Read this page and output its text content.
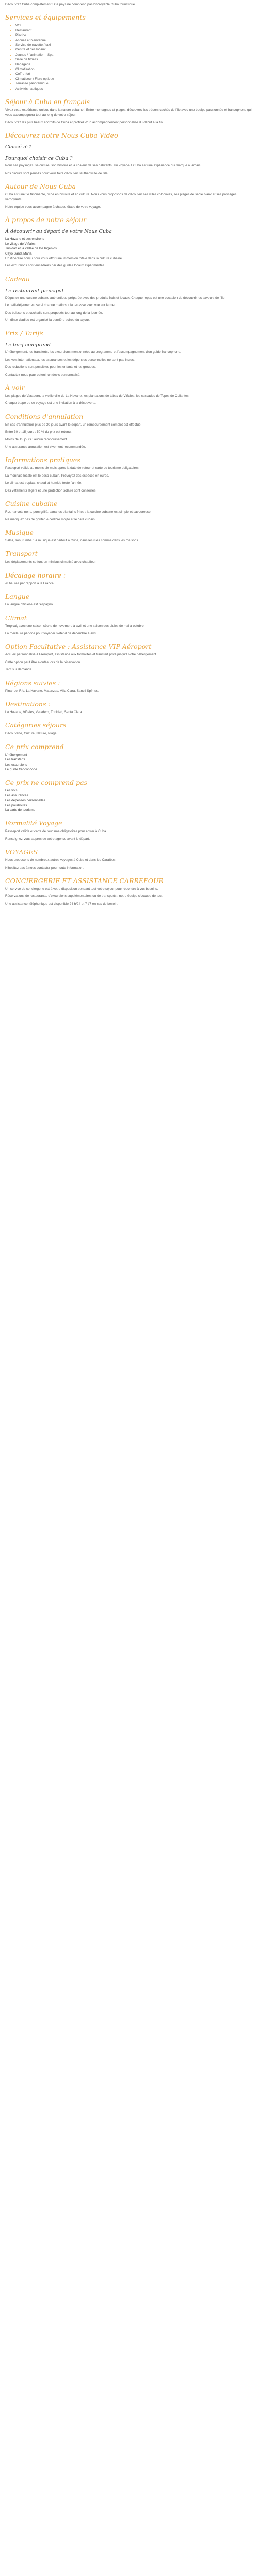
Découvrez Cuba complètement ! Ce pays ne comprend pas l'incroyable Cuba touristique

Services et équipements
• Wifi
• Restaurant
• Piscine
• Accueil et bienvenue
• Service de navette / taxi
• Centre et des locaux
• Jeunes / l'animation - Spa
• Salle de fitness
• Bagagerie
• Climatisation
• Coffre-fort
• Climatiseur / Fibre optique
• Terrasse panoramique
• Activités nautiques
Séjour à Cuba en français

Vivez cette expérience unique dans la nature cubaine ! Entre montagnes et plages, découvrez les trésors cachés de l'île avec une équipe passionnée et francophone qui vous accompagnera tout au long de votre séjour.

Découvrez les plus beaux endroits de Cuba et profitez d'un accompagnement personnalisé du début à la fin.

Découvrez notre Nous Cuba Video
Classé n°1
Pourquoi choisir ce Cuba ?

Pour ses paysages, sa culture, son histoire et la chaleur de ses habitants. Un voyage à Cuba est une expérience qui marque à jamais.

Nos circuits sont pensés pour vous faire découvrir l'authenticité de l'île.

Autour de Nous Cuba

Cuba est une île fascinante, riche en histoire et en culture. Nous vous proposons de découvrir ses villes coloniales, ses plages de sable blanc et ses paysages verdoyants.

Notre équipe vous accompagne à chaque étape de votre voyage.

À propos de notre séjour
À découvrir au départ de votre Nous Cuba

La Havane et ses environs

Le village de Viñales

Trinidad et la vallée de los Ingenios

Cayo Santa María

Un itinéraire conçu pour vous offrir une immersion totale dans la culture cubaine.

Les excursions sont encadrées par des guides locaux expérimentés.

Cadeau
Le restaurant principal

Dégustez une cuisine cubaine authentique préparée avec des produits frais et locaux. Chaque repas est une occasion de découvrir les saveurs de l'île.

Le petit-déjeuner est servi chaque matin sur la terrasse avec vue sur la mer.

Des boissons et cocktails sont proposés tout au long de la journée.

Un dîner d'adieu est organisé la dernière soirée du séjour.

Prix / Tarifs
Le tarif comprend

L'hébergement, les transferts, les excursions mentionnées au programme et l'accompagnement d'un guide francophone.

Les vols internationaux, les assurances et les dépenses personnelles ne sont pas inclus.

Des réductions sont possibles pour les enfants et les groupes.

Contactez-nous pour obtenir un devis personnalisé.

À voir

Les plages de Varadero, la vieille ville de La Havane, les plantations de tabac de Viñales, les cascades de Topes de Collantes.

Chaque étape de ce voyage est une invitation à la découverte.

Conditions d'annulation

En cas d'annulation plus de 30 jours avant le départ, un remboursement complet est effectué.

Entre 30 et 15 jours : 50 % du prix est retenu.

Moins de 15 jours : aucun remboursement.

Une assurance annulation est vivement recommandée.

Informations pratiques

Passeport valide au moins six mois après la date de retour et carte de tourisme obligatoires.

La monnaie locale est le peso cubain. Prévoyez des espèces en euros.

Le climat est tropical, chaud et humide toute l'année.

Des vêtements légers et une protection solaire sont conseillés.

Cuisine cubaine

Riz, haricots noirs, porc grillé, bananes plantains frites : la cuisine cubaine est simple et savoureuse.

Ne manquez pas de goûter le célèbre mojito et le café cubain.

Musique

Salsa, son, rumba : la musique est partout à Cuba, dans les rues comme dans les maisons.

Transport

Les déplacements se font en minibus climatisé avec chauffeur.

Décalage horaire :

-6 heures par rapport à la France.

Langue

La langue officielle est l'espagnol.

Climat

Tropical, avec une saison sèche de novembre à avril et une saison des pluies de mai à octobre.

La meilleure période pour voyager s'étend de décembre à avril.

Option Facultative : Assistance VIP Aéroport

Accueil personnalisé à l'aéroport, assistance aux formalités et transfert privé jusqu'à votre hébergement.

Cette option peut être ajoutée lors de la réservation.

Tarif sur demande.

Régions suivies :

Pinar del Río, La Havane, Matanzas, Villa Clara, Sancti Spíritus.

Destinations :

La Havane, Viñales, Varadero, Trinidad, Santa Clara.

Catégories séjours

Découverte, Culture, Nature, Plage.

Ce prix comprend

L'hébergement

Les transferts

Les excursions

Le guide francophone

Ce prix ne comprend pas

Les vols

Les assurances

Les dépenses personnelles

Les pourboires

La carte de tourisme

Formalité Voyage

Passeport valide et carte de tourisme obligatoires pour entrer à Cuba.

Renseignez-vous auprès de votre agence avant le départ.

VOYAGES

Nous proposons de nombreux autres voyages à Cuba et dans les Caraïbes.

N'hésitez pas à nous contacter pour toute information.

CONCIERGERIE ET ASSISTANCE CARREFOUR

Un service de conciergerie est à votre disposition pendant tout votre séjour pour répondre à vos besoins.

Réservations de restaurants, d'excursions supplémentaires ou de transports : notre équipe s'occupe de tout.

Une assistance téléphonique est disponible 24 h/24 et 7 j/7 en cas de besoin.
